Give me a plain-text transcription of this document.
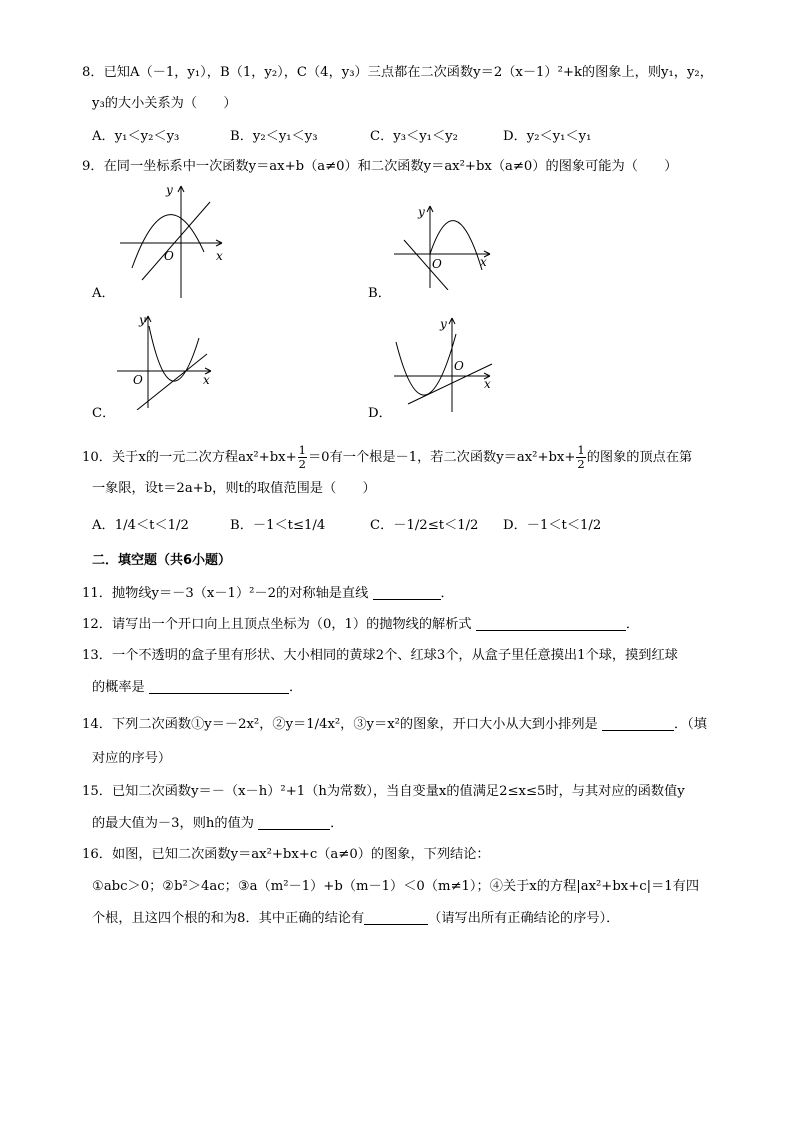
8．已知A（－1，y₁），B（1，y₂），C（4，y₃）三点都在二次函数y＝2（x－1）²+k的图象上，则y₁，y₂，
y₃的大小关系为（　　）
A．y₁＜y₂＜y₃	B．y₂＜y₁＜y₃	C．y₃＜y₁＜y₂	D．y₂＜y₁＜y₁
9．在同一坐标系中一次函数y＝ax+b（a≠0）和二次函数y＝ax²+bx（a≠0）的图象可能为（　　）
O	x
y
A．
O	x
y
B．
O	x
y
C．
O
x
y
D．
10．关于x的一元二次方程$ax^2+bx+ \frac{1}{2} =0$有一个根是－1，若二次函数$y=ax^2+bx+ \frac{1}{2}$ 的图象的顶点在第
一象限，设t＝2a+b，则t的取值范围是（　　）
A．1/4＜t＜1/2	B．－1＜t≤1/4	C．－1/2≤t＜1/2 D．－1＜t＜1/2
二．填空题（共6小题）
11．抛物线y＝－3（x－1）²－2的对称轴是直线	．
12．请写出一个开口向上且顶点坐标为（0，1）的抛物线的解析式	．
13．一个不透明的盒子里有形状、大小相同的黄球2个、红球3个，从盒子里任意摸出1个球，摸到红球
的概率是	．
14．下列二次函数①y＝－2x²，②y＝1/4x²，③y＝x²的图象，开口大小从大到小排列是	．（填
对应的序号）
15．已知二次函数y＝－（x－h）²+1（h为常数），当自变量x的值满足2≤x≤5时，与其对应的函数值y
的最大值为－3，则h的值为	．
16．如图，已知二次函数y＝ax²+bx+c（a≠0）的图象，下列结论：
①abc＞0；②b²＞4ac；③a（m²－1）+b（m－1）＜0（m≠1）；④关于x的方程|ax²+bx+c|＝1有四
个根，且这四个根的和为8．其中正确的结论有	（请写出所有正确结论的序号）．
